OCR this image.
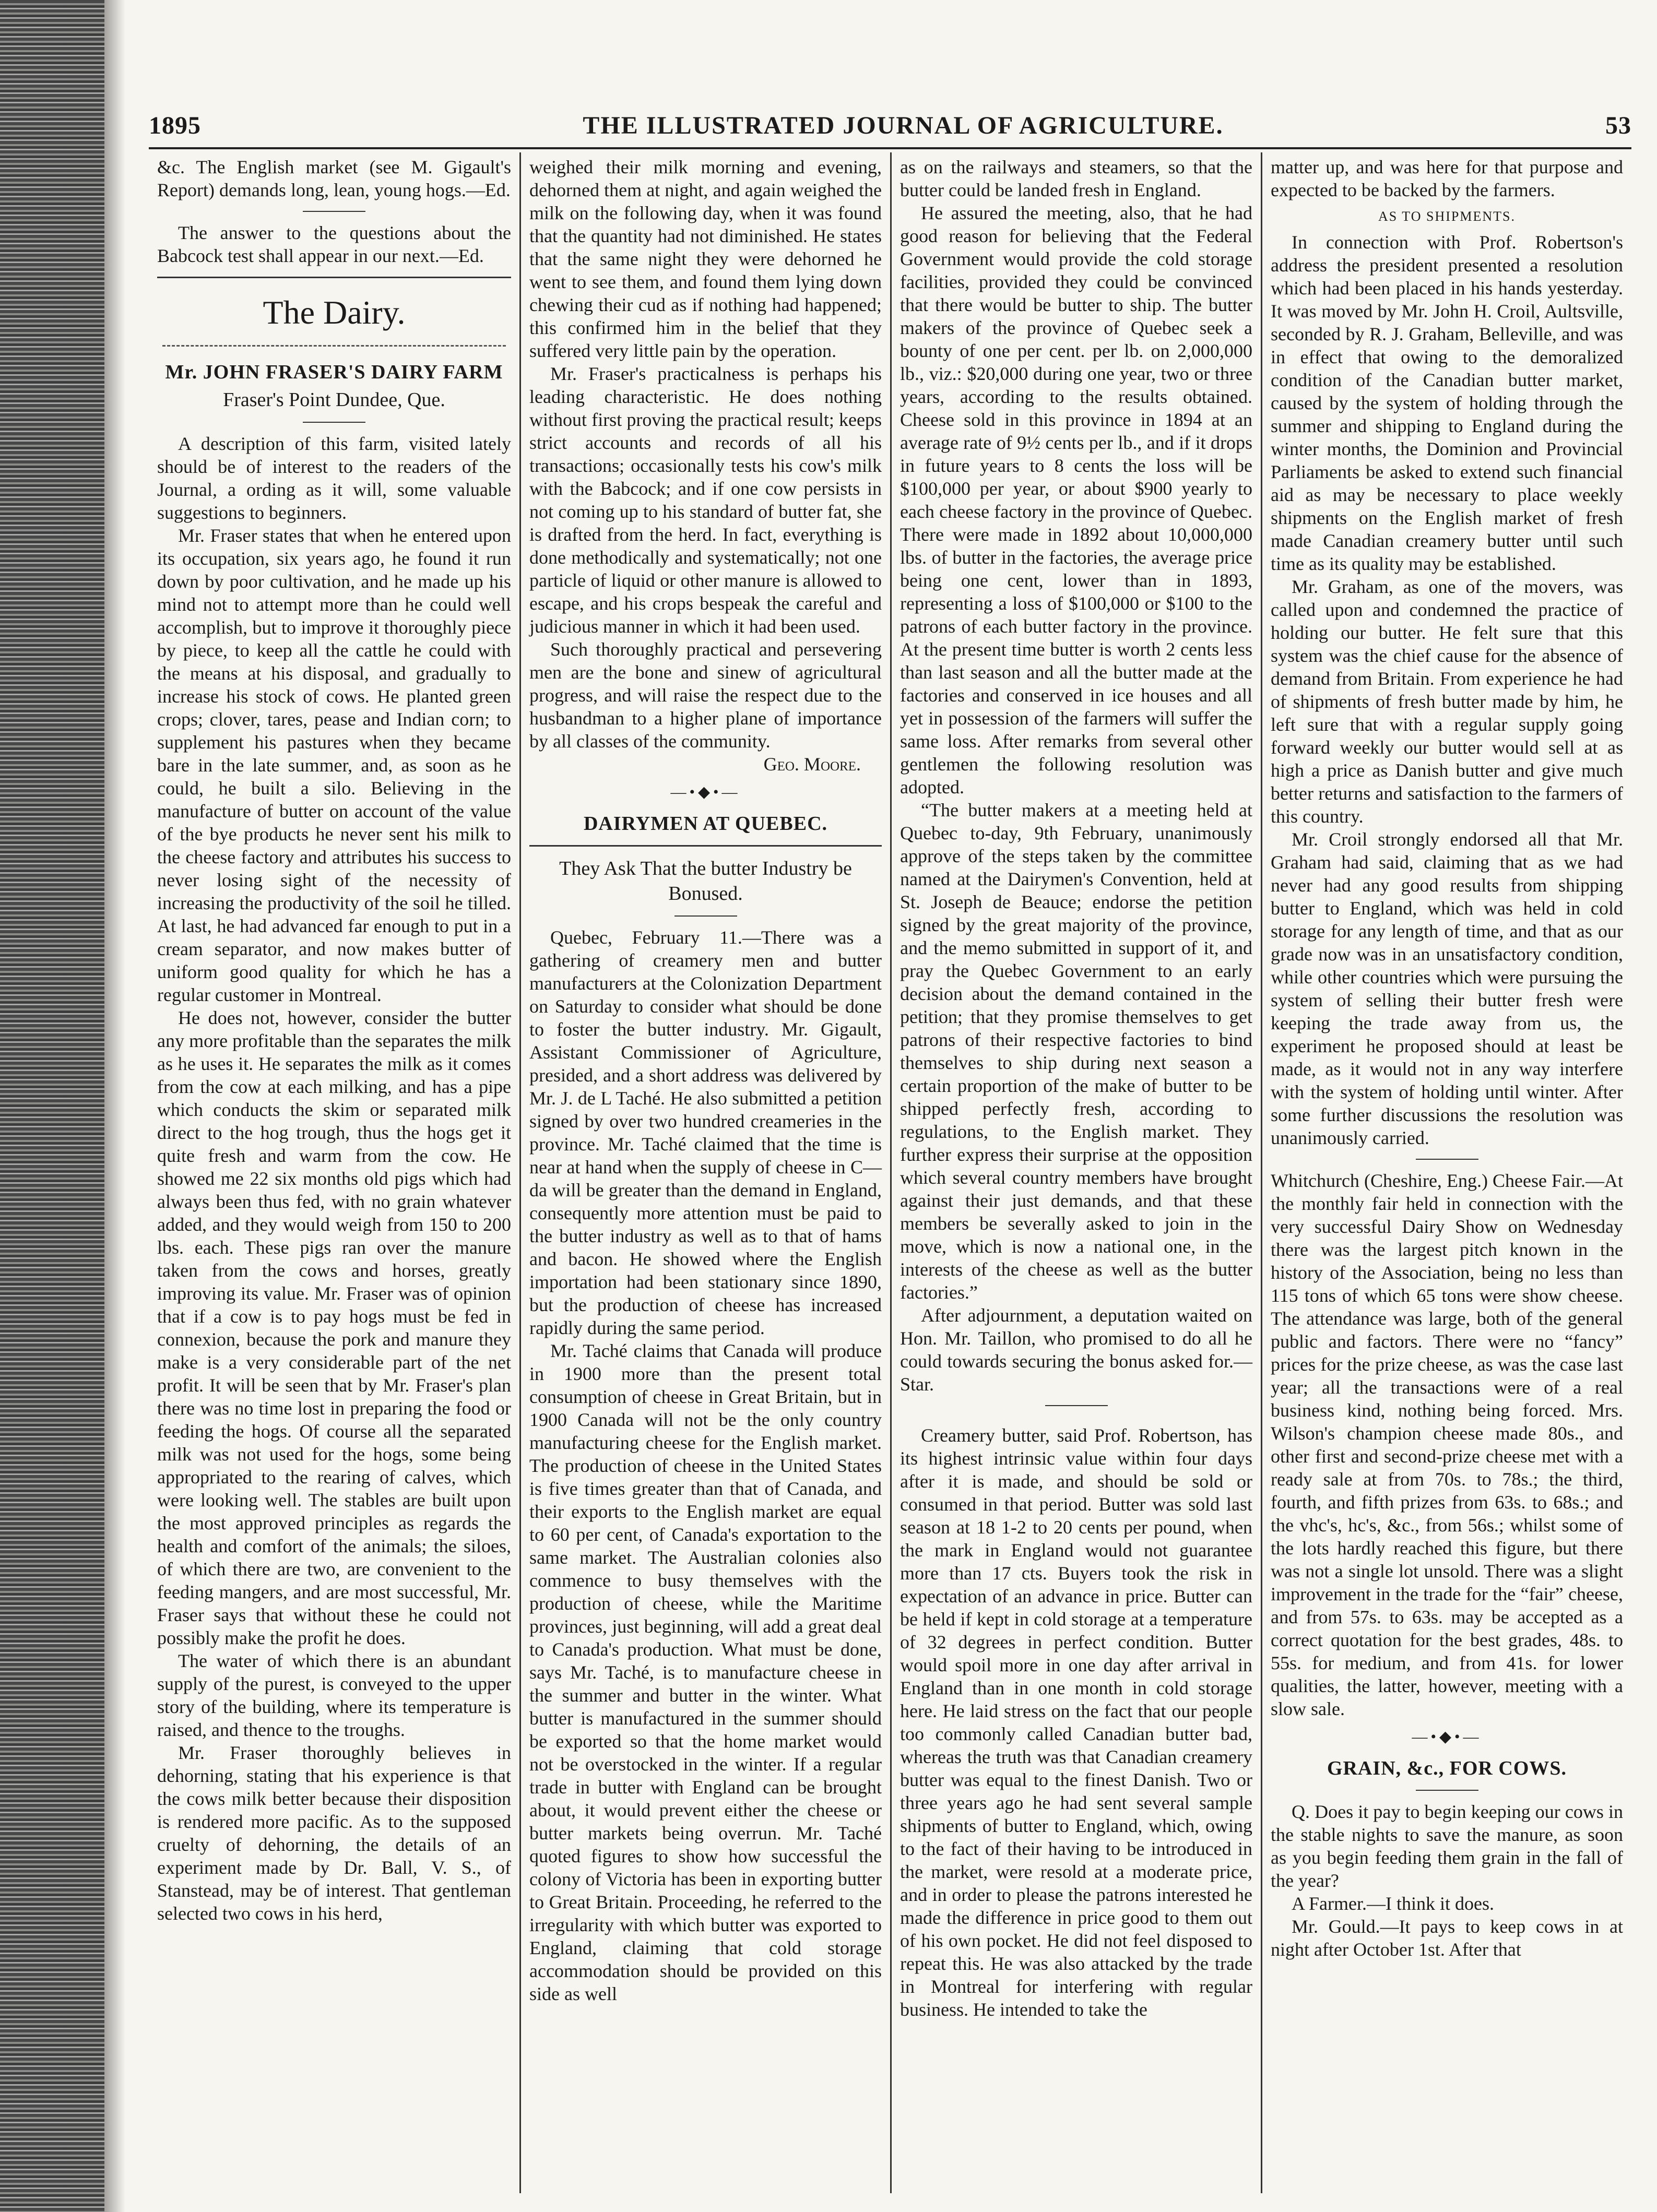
1895	THE ILLUSTRATED JOURNAL OF AGRICULTURE.	53

&c. The English market (see M. Gigault's Report) demands long, lean, young hogs.—Ed.

The answer to the questions about the Babcock test shall appear in our next.—Ed.

The Dairy.
Mr. JOHN FRASER'S DAIRY FARM
Fraser's Point Dundee, Que.

A description of this farm, visited lately should be of interest to the readers of the Journal, a ording as it will, some valuable suggestions to beginners.

Mr. Fraser states that when he entered upon its occupation, six years ago, he found it run down by poor cultivation, and he made up his mind not to attempt more than he could well accomplish, but to improve it thoroughly piece by piece, to keep all the cattle he could with the means at his disposal, and gradually to increase his stock of cows. He planted green crops; clover, tares, pease and Indian corn; to supplement his pastures when they became bare in the late summer, and, as soon as he could, he built a silo. Believing in the manufacture of butter on account of the value of the bye products he never sent his milk to the cheese factory and attributes his success to never losing sight of the necessity of increasing the productivity of the soil he tilled. At last, he had advanced far enough to put in a cream separator, and now makes butter of uniform good quality for which he has a regular customer in Montreal.

He does not, however, consider the butter any more profitable than the separates the milk as he uses it. He separates the milk as it comes from the cow at each milking, and has a pipe which conducts the skim or separated milk direct to the hog trough, thus the hogs get it quite fresh and warm from the cow. He showed me 22 six months old pigs which had always been thus fed, with no grain whatever added, and they would weigh from 150 to 200 lbs. each. These pigs ran over the manure taken from the cows and horses, greatly improving its value. Mr. Fraser was of opinion that if a cow is to pay hogs must be fed in connexion, because the pork and manure they make is a very considerable part of the net profit. It will be seen that by Mr. Fraser's plan there was no time lost in preparing the food or feeding the hogs. Of course all the separated milk was not used for the hogs, some being appropriated to the rearing of calves, which were looking well. The stables are built upon the most approved principles as regards the health and comfort of the animals; the siloes, of which there are two, are convenient to the feeding mangers, and are most successful, Mr. Fraser says that without these he could not possibly make the profit he does.

The water of which there is an abundant supply of the purest, is conveyed to the upper story of the building, where its temperature is raised, and thence to the troughs.

Mr. Fraser thoroughly believes in dehorning, stating that his experience is that the cows milk better because their disposition is rendered more pacific. As to the supposed cruelty of dehorning, the details of an experiment made by Dr. Ball, V. S., of Stanstead, may be of interest. That gentleman selected two cows in his herd,

weighed their milk morning and evening, dehorned them at night, and again weighed the milk on the following day, when it was found that the quantity had not diminished. He states that the same night they were dehorned he went to see them, and found them lying down chewing their cud as if nothing had happened; this confirmed him in the belief that they suffered very little pain by the operation.

Mr. Fraser's practicalness is perhaps his leading characteristic. He does nothing without first proving the practical result; keeps strict accounts and records of all his transactions; occasionally tests his cow's milk with the Babcock; and if one cow persists in not coming up to his standard of butter fat, she is drafted from the herd. In fact, everything is done methodically and systematically; not one particle of liquid or other manure is allowed to escape, and his crops bespeak the careful and judicious manner in which it had been used.

Such thoroughly practical and persevering men are the bone and sinew of agricultural progress, and will raise the respect due to the husbandman to a higher plane of importance by all classes of the community.

Geo. Moore.

—•◆•—
DAIRYMEN AT QUEBEC.
They Ask That the butter Industry be Bonused.

Quebec, February 11.—There was a gathering of creamery men and butter manufacturers at the Colonization Department on Saturday to consider what should be done to foster the butter industry. Mr. Gigault, Assistant Commissioner of Agriculture, presided, and a short address was delivered by Mr. J. de L Taché. He also submitted a petition signed by over two hundred creameries in the province. Mr. Taché claimed that the time is near at hand when the supply of cheese in C—da will be greater than the demand in England, consequently more attention must be paid to the butter industry as well as to that of hams and bacon. He showed where the English importation had been stationary since 1890, but the production of cheese has increased rapidly during the same period.

Mr. Taché claims that Canada will produce in 1900 more than the present total consumption of cheese in Great Britain, but in 1900 Canada will not be the only country manufacturing cheese for the English market. The production of cheese in the United States is five times greater than that of Canada, and their exports to the English market are equal to 60 per cent, of Canada's exportation to the same market. The Australian colonies also commence to busy themselves with the production of cheese, while the Maritime provinces, just beginning, will add a great deal to Canada's production. What must be done, says Mr. Taché, is to manufacture cheese in the summer and butter in the winter. What butter is manufactured in the summer should be exported so that the home market would not be overstocked in the winter. If a regular trade in butter with England can be brought about, it would prevent either the cheese or butter markets being overrun. Mr. Taché quoted figures to show how successful the colony of Victoria has been in exporting butter to Great Britain. Proceeding, he referred to the irregularity with which butter was exported to England, claiming that cold storage accommodation should be provided on this side as well

as on the railways and steamers, so that the butter could be landed fresh in England.

He assured the meeting, also, that he had good reason for believing that the Federal Government would provide the cold storage facilities, provided they could be convinced that there would be butter to ship. The butter makers of the province of Quebec seek a bounty of one per cent. per lb. on 2,000,000 lb., viz.: $20,000 during one year, two or three years, according to the results obtained. Cheese sold in this province in 1894 at an average rate of 9½ cents per lb., and if it drops in future years to 8 cents the loss will be $100,000 per year, or about $900 yearly to each cheese factory in the province of Quebec. There were made in 1892 about 10,000,000 lbs. of butter in the factories, the average price being one cent, lower than in 1893, representing a loss of $100,000 or $100 to the patrons of each butter factory in the province. At the present time butter is worth 2 cents less than last season and all the butter made at the factories and conserved in ice houses and all yet in possession of the farmers will suffer the same loss. After remarks from several other gentlemen the following resolution was adopted.

“The butter makers at a meeting held at Quebec to-day, 9th February, unanimously approve of the steps taken by the committee named at the Dairymen's Convention, held at St. Joseph de Beauce; endorse the petition signed by the great majority of the province, and the memo submitted in support of it, and pray the Quebec Government to an early decision about the demand contained in the petition; that they promise themselves to get patrons of their respective factories to bind themselves to ship during next season a certain proportion of the make of butter to be shipped perfectly fresh, according to regulations, to the English market. They further express their surprise at the opposition which several country members have brought against their just demands, and that these members be severally asked to join in the move, which is now a national one, in the interests of the cheese as well as the butter factories.”

After adjournment, a deputation waited on Hon. Mr. Taillon, who promised to do all he could towards securing the bonus asked for.—Star.

Creamery butter, said Prof. Robertson, has its highest intrinsic value within four days after it is made, and should be sold or consumed in that period. Butter was sold last season at 18 1-2 to 20 cents per pound, when the mark in England would not guarantee more than 17 cts. Buyers took the risk in expectation of an advance in price. Butter can be held if kept in cold storage at a temperature of 32 degrees in perfect condition. Butter would spoil more in one day after arrival in England than in one month in cold storage here. He laid stress on the fact that our people too commonly called Canadian butter bad, whereas the truth was that Canadian creamery butter was equal to the finest Danish. Two or three years ago he had sent several sample shipments of butter to England, which, owing to the fact of their having to be introduced in the market, were resold at a moderate price, and in order to please the patrons interested he made the difference in price good to them out of his own pocket. He did not feel disposed to repeat this. He was also attacked by the trade in Montreal for interfering with regular business. He intended to take the

matter up, and was here for that purpose and expected to be backed by the farmers.

AS TO SHIPMENTS.

In connection with Prof. Robertson's address the president presented a resolution which had been placed in his hands yesterday. It was moved by Mr. John H. Croil, Aultsville, seconded by R. J. Graham, Belleville, and was in effect that owing to the demoralized condition of the Canadian butter market, caused by the system of holding through the summer and shipping to England during the winter months, the Dominion and Provincial Parliaments be asked to extend such financial aid as may be necessary to place weekly shipments on the English market of fresh made Canadian creamery butter until such time as its quality may be established.

Mr. Graham, as one of the movers, was called upon and condemned the practice of holding our butter. He felt sure that this system was the chief cause for the absence of demand from Britain. From experience he had of shipments of fresh butter made by him, he left sure that with a regular supply going forward weekly our butter would sell at as high a price as Danish butter and give much better returns and satisfaction to the farmers of this country.

Mr. Croil strongly endorsed all that Mr. Graham had said, claiming that as we had never had any good results from shipping butter to England, which was held in cold storage for any length of time, and that as our grade now was in an unsatisfactory condition, while other countries which were pursuing the system of selling their butter fresh were keeping the trade away from us, the experiment he proposed should at least be made, as it would not in any way interfere with the system of holding until winter. After some further discussions the resolution was unanimously carried.

Whitchurch (Cheshire, Eng.) Cheese Fair.—At the monthly fair held in connection with the very successful Dairy Show on Wednesday there was the largest pitch known in the history of the Association, being no less than 115 tons of which 65 tons were show cheese. The attendance was large, both of the general public and factors. There were no “fancy” prices for the prize cheese, as was the case last year; all the transactions were of a real business kind, nothing being forced. Mrs. Wilson's champion cheese made 80s., and other first and second-prize cheese met with a ready sale at from 70s. to 78s.; the third, fourth, and fifth prizes from 63s. to 68s.; and the vhc's, hc's, &c., from 56s.; whilst some of the lots hardly reached this figure, but there was not a single lot unsold. There was a slight improvement in the trade for the “fair” cheese, and from 57s. to 63s. may be accepted as a correct quotation for the best grades, 48s. to 55s. for medium, and from 41s. for lower qualities, the latter, however, meeting with a slow sale.

—•◆•—
GRAIN, &c., FOR COWS.

Q. Does it pay to begin keeping our cows in the stable nights to save the manure, as soon as you begin feeding them grain in the fall of the year?

A Farmer.—I think it does.

Mr. Gould.—It pays to keep cows in at night after October 1st. After that
